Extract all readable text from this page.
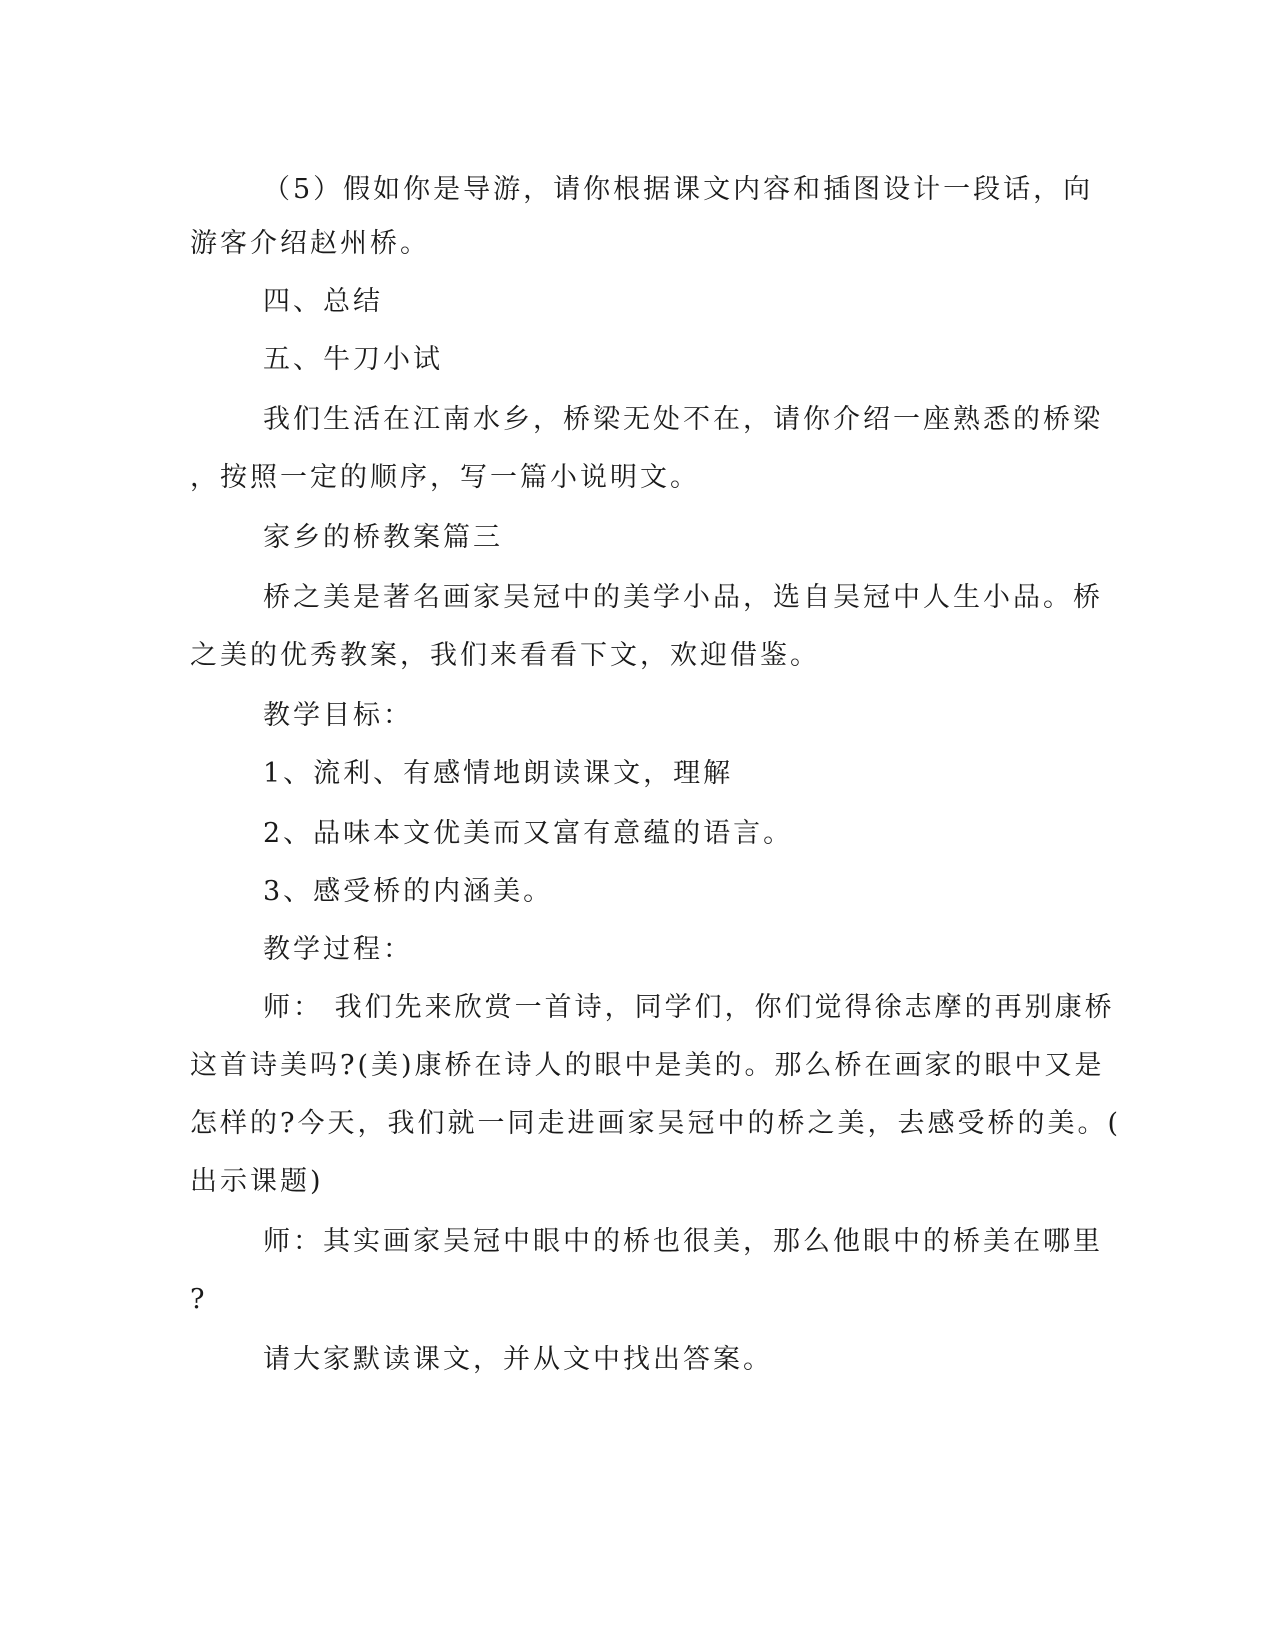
（5）假如你是导游，请你根据课文内容和插图设计一段话，向
游客介绍赵州桥。
四、总结
五、牛刀小试
我们生活在江南水乡，桥梁无处不在，请你介绍一座熟悉的桥梁
，按照一定的顺序，写一篇小说明文。
家乡的桥教案篇三
桥之美是著名画家吴冠中的美学小品，选自吴冠中人生小品。桥
之美的优秀教案，我们来看看下文，欢迎借鉴。
教学目标：
1、流利、有感情地朗读课文，理解
2、品味本文优美而又富有意蕴的语言。
3、感受桥的内涵美。
教学过程：
师： 我们先来欣赏一首诗，同学们，你们觉得徐志摩的再别康桥
这首诗美吗?(美)康桥在诗人的眼中是美的。那么桥在画家的眼中又是
怎样的?今天，我们就一同走进画家吴冠中的桥之美，去感受桥的美。(
出示课题)
师：其实画家吴冠中眼中的桥也很美，那么他眼中的桥美在哪里
?
请大家默读课文，并从文中找出答案。
